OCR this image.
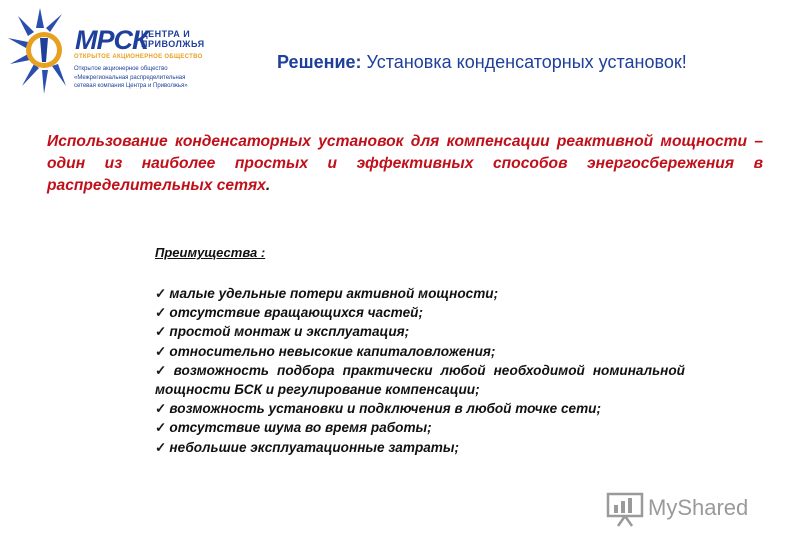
МРСК
ЦЕНТРА И
ПРИВОЛЖЬЯ
ОТКРЫТОЕ АКЦИОНЕРНОЕ ОБЩЕСТВО
Открытое акционерное общество
«Межрегиональная распределительная
сетевая компания Центра и Приволжья»
Решение: Установка конденсаторных установок!
Использование конденсаторных установок для компенсации реактивной мощности – один из наиболее простых и эффективных способов энергосбережения в распределительных сетях.
Преимущества :
✓ малые удельные потери активной мощности;
✓ отсутствие вращающихся частей;
✓ простой монтаж и эксплуатация;
✓ относительно невысокие капиталовложения;
✓ возможность подбора практически любой необходимой номинальной мощности БСК и регулирование компенсации;
✓ возможность установки и подключения в любой точке сети;
✓ отсутствие шума во время работы;
✓ небольшие эксплуатационные затраты;
MyShared
